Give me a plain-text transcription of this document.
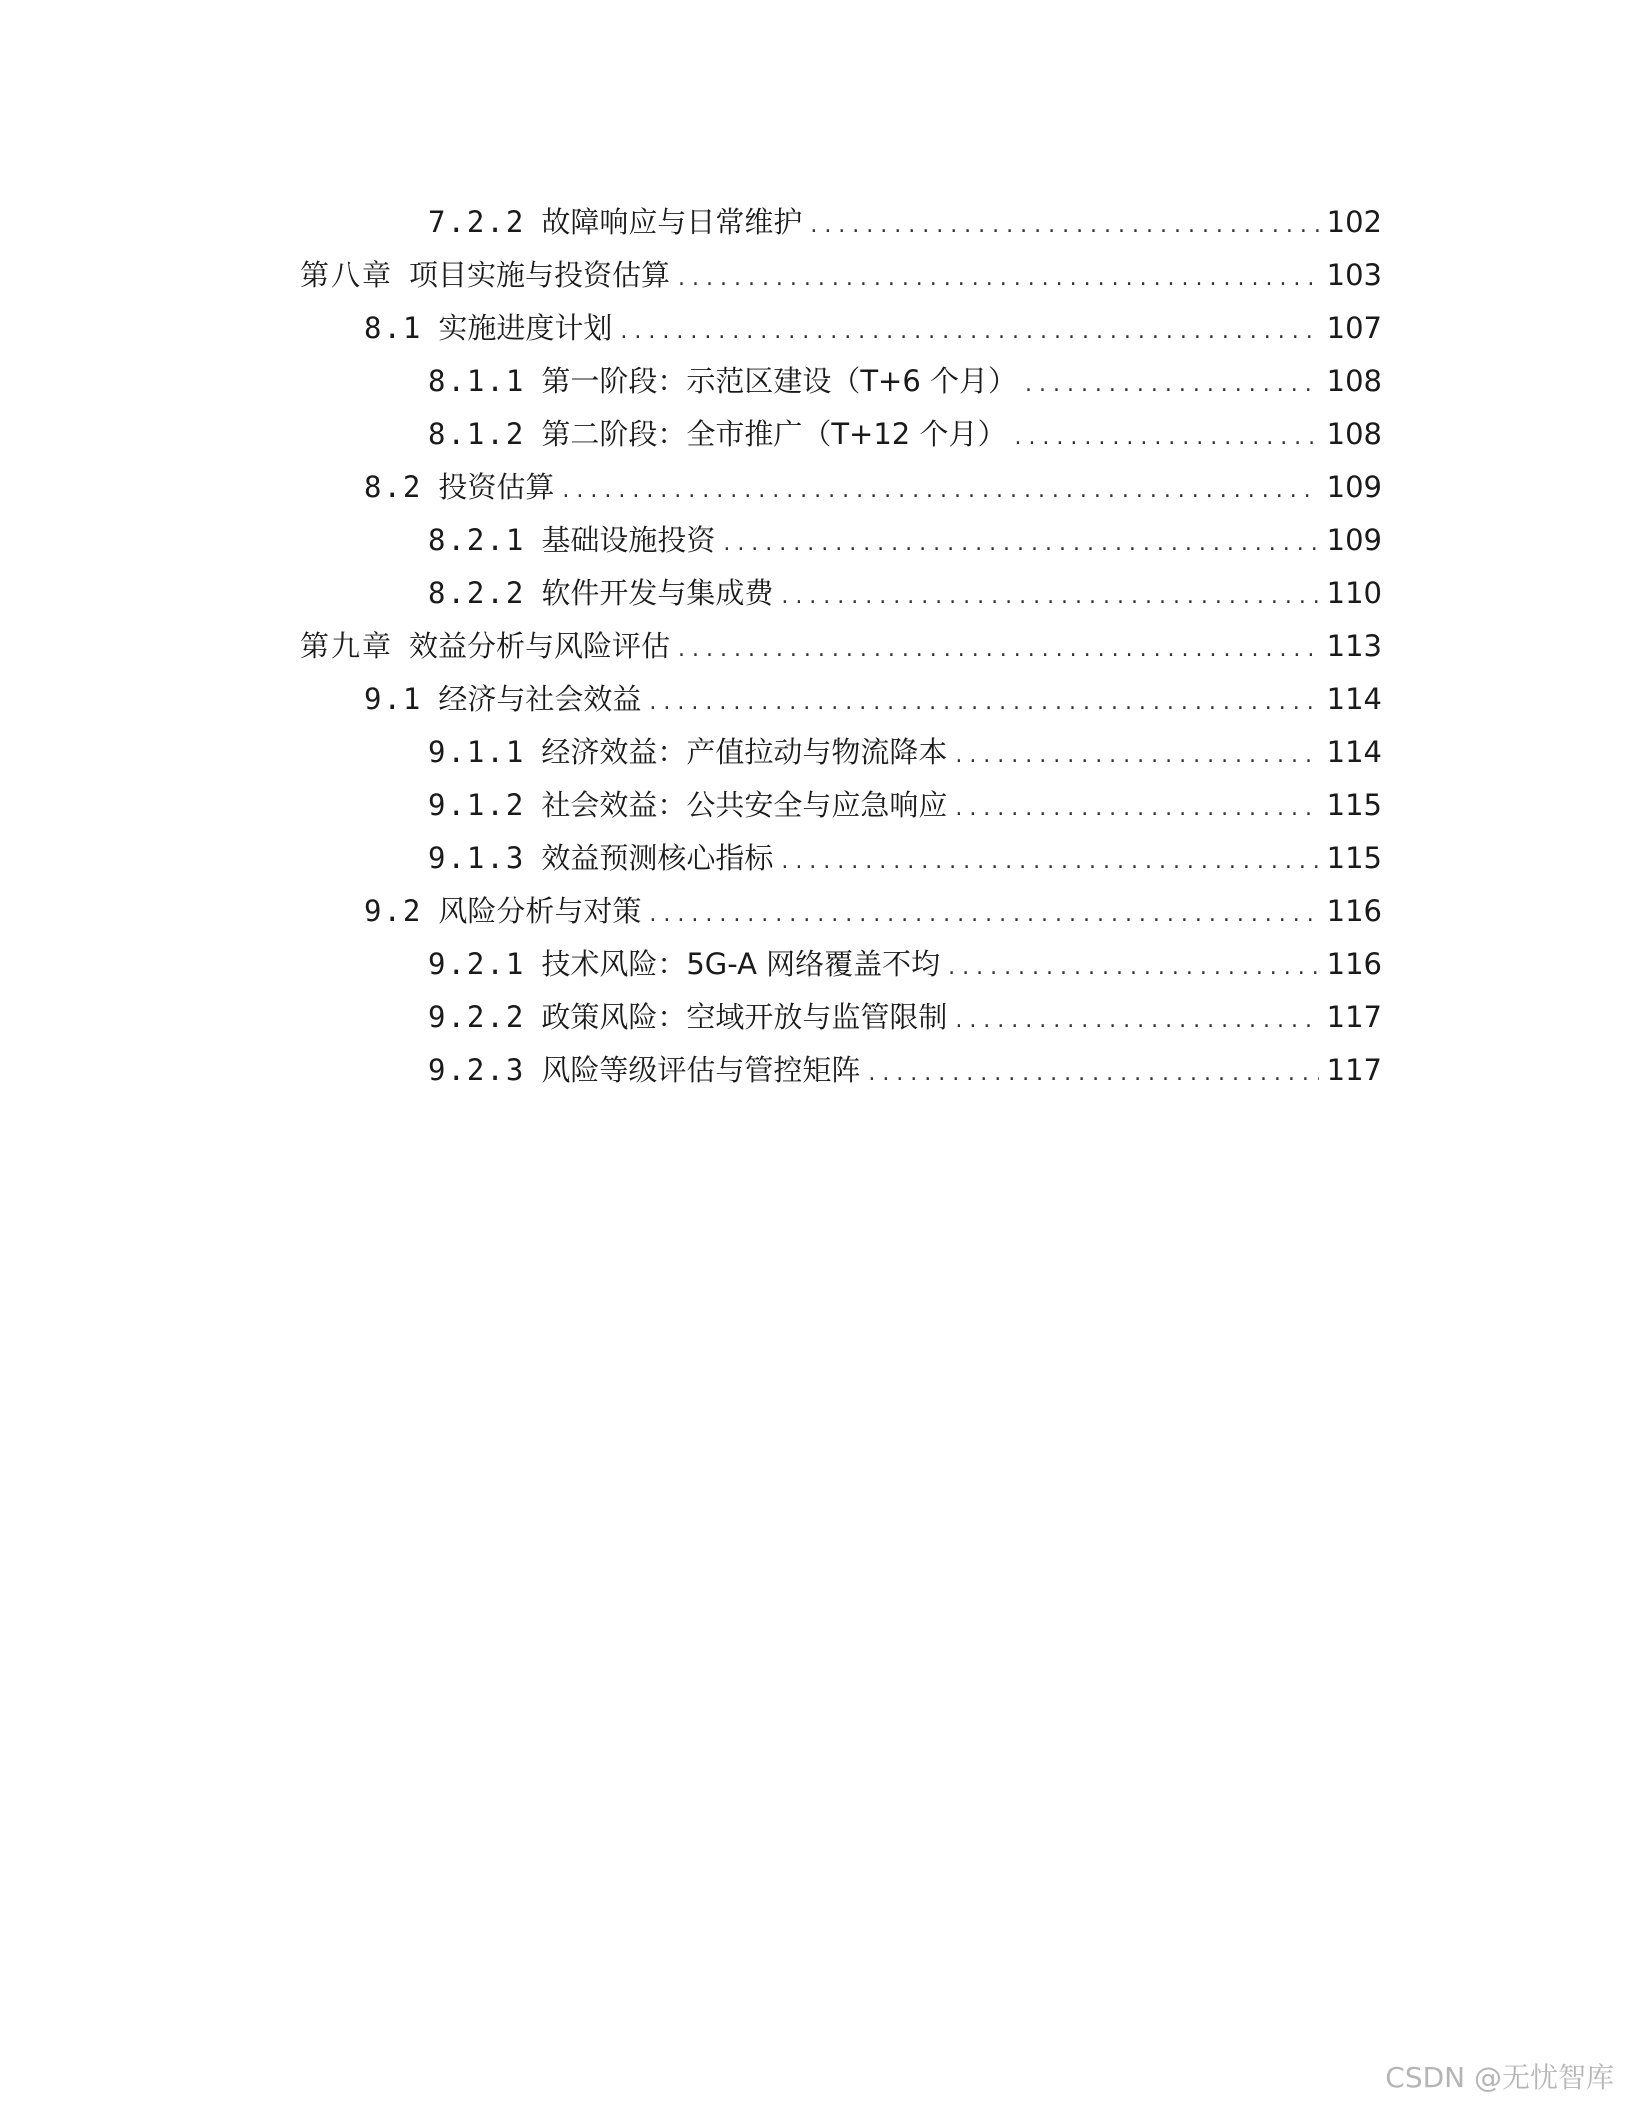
7.2.2 故障响应与日常维护 . . .	102
第八章 项目实施与投资估算 . . .	103
8.1 实施进度计划 . . .	107
8.1.1 第一阶段：示范区建设（T+6 个月） . . .	108
8.1.2 第二阶段：全市推广（T+12 个月） . . .	108
8.2 投资估算 . . .	109
8.2.1 基础设施投资 . . .	109
8.2.2 软件开发与集成费 . . .	110
第九章 效益分析与风险评估 . . .	113
9.1 经济与社会效益 . . .	114
9.1.1 经济效益：产值拉动与物流降本 . . .	114
9.1.2 社会效益：公共安全与应急响应 . . .	115
9.1.3 效益预测核心指标 . . .	115
9.2 风险分析与对策 . . .	116
9.2.1 技术风险：5G-A 网络覆盖不均 . . .	116
9.2.2 政策风险：空域开放与监管限制 . . .	117
9.2.3 风险等级评估与管控矩阵 . . .	117
CSDN @无忧智库
